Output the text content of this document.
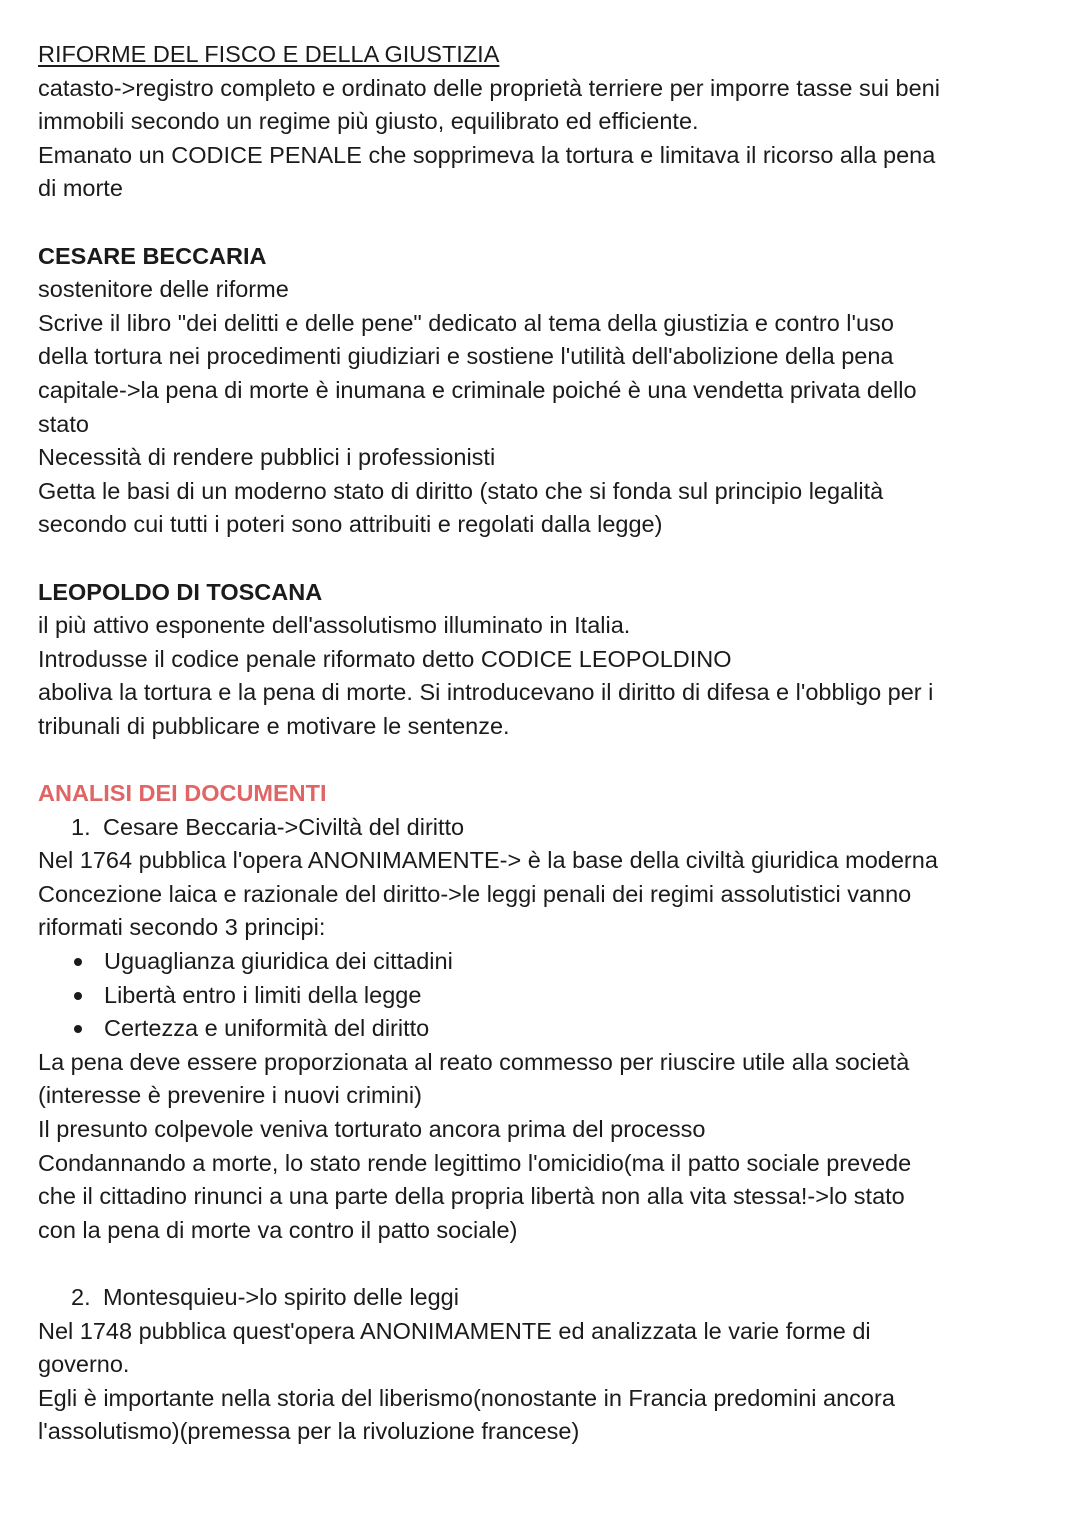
RIFORME DEL FISCO E DELLA GIUSTIZIA

catasto->registro completo e ordinato delle proprietà terriere per imporre tasse sui beni

immobili secondo un regime più giusto, equilibrato ed efficiente.

Emanato un CODICE PENALE che sopprimeva la tortura e limitava il ricorso alla pena

di morte

CESARE BECCARIA

sostenitore delle riforme

Scrive il libro "dei delitti e delle pene" dedicato al tema della giustizia e contro l'uso

della tortura nei procedimenti giudiziari e sostiene l'utilità dell'abolizione della pena

capitale->la pena di morte è inumana e criminale poiché è una vendetta privata dello

stato

Necessità di rendere pubblici i professionisti

Getta le basi di un moderno stato di diritto (stato che si fonda sul principio legalità

secondo cui tutti i poteri sono attribuiti e regolati dalla legge)

LEOPOLDO DI TOSCANA

il più attivo esponente dell'assolutismo illuminato in Italia.

Introdusse il codice penale riformato detto CODICE LEOPOLDINO

aboliva la tortura e la pena di morte. Si introducevano il diritto di difesa e l'obbligo per i

tribunali di pubblicare e motivare le sentenze.

ANALISI DEI DOCUMENTI

1. Cesare Beccaria->Civiltà del diritto

Nel 1764 pubblica l'opera ANONIMAMENTE-> è la base della civiltà giuridica moderna

Concezione laica e razionale del diritto->le leggi penali dei regimi assolutistici vanno

riformati secondo 3 principi:

Uguaglianza giuridica dei cittadini
Libertà entro i limiti della legge
Certezza e uniformità del diritto

La pena deve essere proporzionata al reato commesso per riuscire utile alla società

(interesse è prevenire i nuovi crimini)

Il presunto colpevole veniva torturato ancora prima del processo

Condannando a morte, lo stato rende legittimo l'omicidio(ma il patto sociale prevede

che il cittadino rinunci a una parte della propria libertà non alla vita stessa!->lo stato

con la pena di morte va contro il patto sociale)

2. Montesquieu->lo spirito delle leggi

Nel 1748 pubblica quest'opera ANONIMAMENTE ed analizzata le varie forme di

governo.

Egli è importante nella storia del liberismo(nonostante in Francia predomini ancora

l'assolutismo)(premessa per la rivoluzione francese)
